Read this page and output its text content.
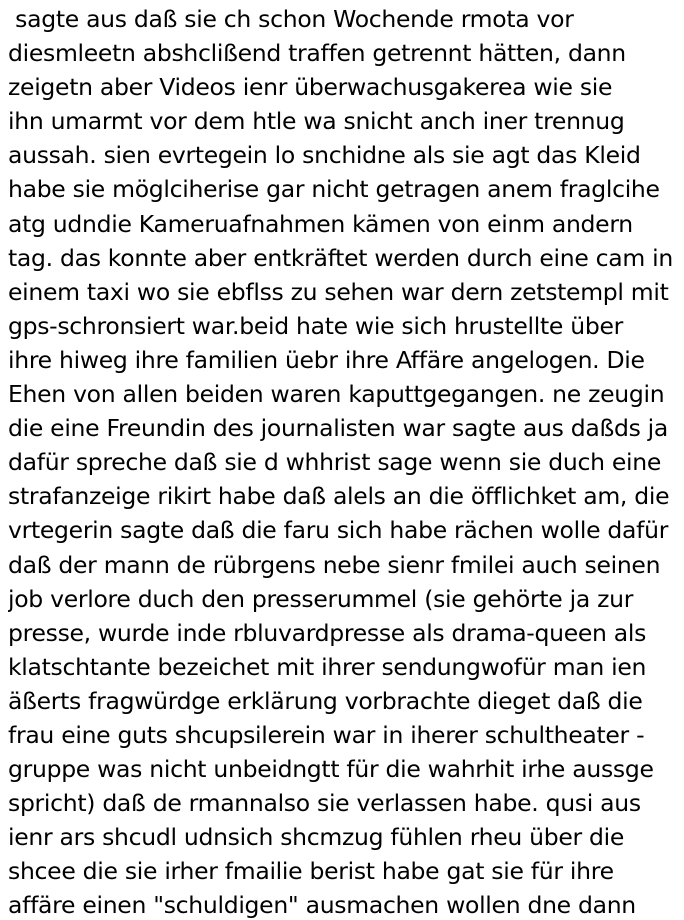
sagte aus daß sie ch schon Wochende rmota vor
diesmleetn abshclißend traffen getrennt hätten, dann
zeigetn aber Videos ienr überwachusgakerea wie sie
ihn umarmt vor dem htle wa snicht anch iner trennug
aussah. sien evrtegein lo snchidne als sie agt das Kleid
habe sie möglciherise gar nicht getragen anem fraglcihe
atg udndie Kameruafnahmen kämen von einm andern
tag. das konnte aber entkräftet werden durch eine cam in
einem taxi wo sie ebflss zu sehen war dern zetstempl mit
gps-schronsiert war.beid hate wie sich hrustellte über
ihre hiweg ihre familien üebr ihre Affäre angelogen. Die
Ehen von allen beiden waren kaputtgegangen. ne zeugin
die eine Freundin des journalisten war sagte aus daßds ja
dafür spreche daß sie d whhrist sage wenn sie duch eine
strafanzeige rikirt habe daß alels an die öfflichket am, die
vrtegerin sagte daß die faru sich habe rächen wolle dafür
daß der mann de rübrgens nebe sienr fmilei auch seinen
job verlore duch den presserummel (sie gehörte ja zur
presse, wurde inde rbluvardpresse als drama-queen als
klatschtante bezeichet mit ihrer sendungwofür man ien
äßerts fragwürdge erklärung vorbrachte dieget daß die
frau eine guts shcupsilerein war in iherer schultheater -
gruppe was nicht unbeidngtt für die wahrhit irhe aussge
spricht) daß de rmannalso sie verlassen habe. qusi aus
ienr ars shcudl udnsich shcmzug fühlen rheu über die
shcee die sie irher fmailie berist habe gat sie für ihre
affäre einen "schuldigen" ausmachen wollen dne dann
